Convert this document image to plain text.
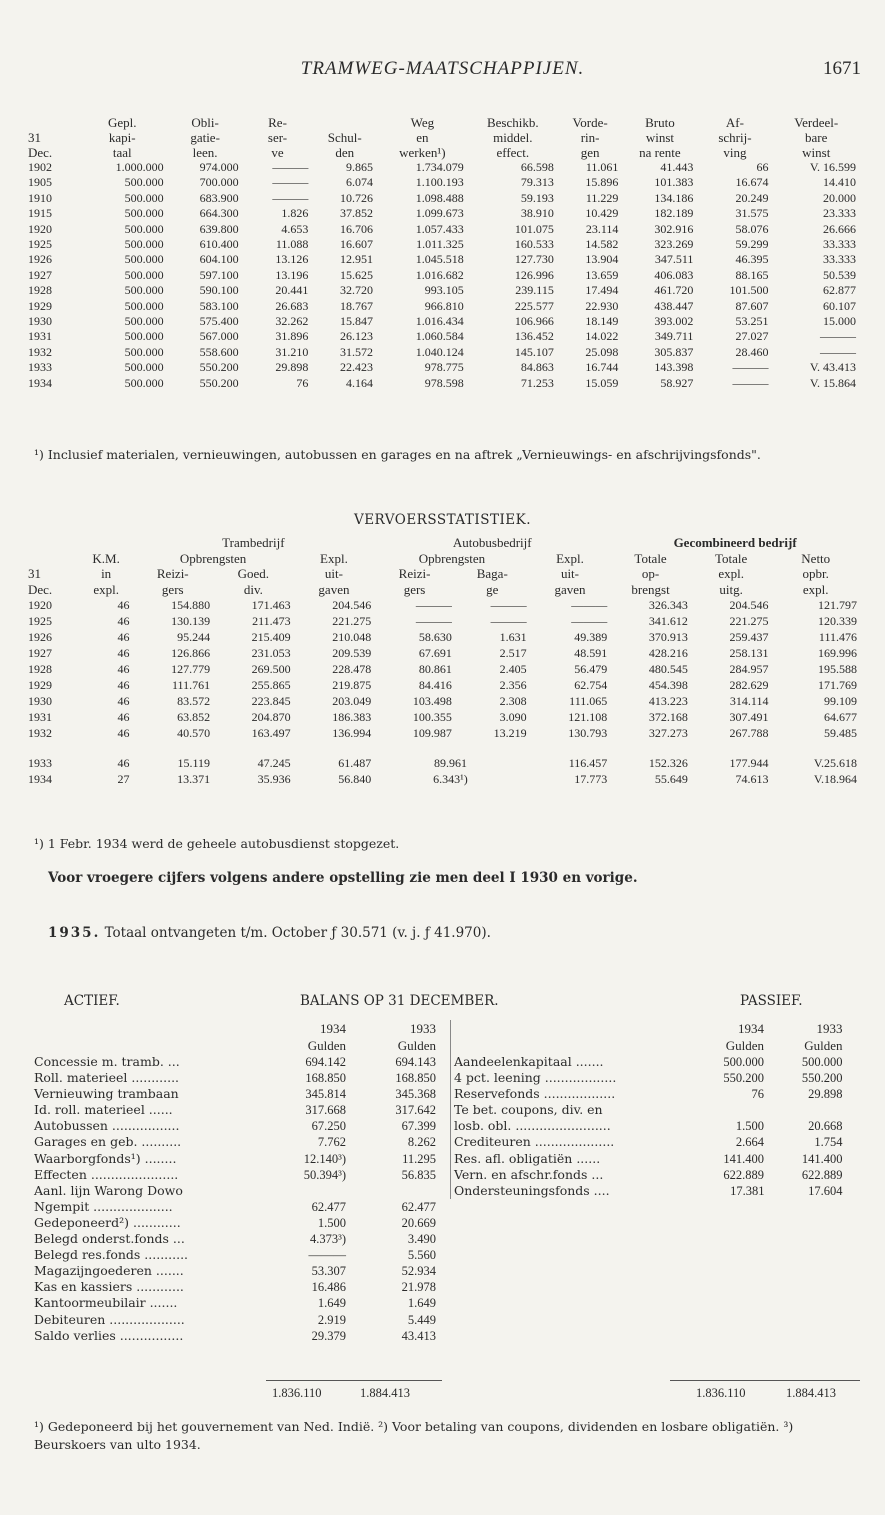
TRAMWEG-MAATSCHAPPIJEN.	1671
	Gepl.	Obli-	Re-		Weg	Beschikb.	Vorde-	Bruto	Af-	Verdeel-
31	kapi-	gatie-	ser-	Schul-	en	middel.	rin-	winst	schrij-	bare
Dec.	taal	leen.	ve	den	werken¹)	effect.	gen	na rente	ving	winst
1902	1.000.000	974.000	———	9.865	1.734.079	66.598	11.061	41.443	66	V. 16.599
1905	500.000	700.000	———	6.074	1.100.193	79.313	15.896	101.383	16.674	14.410
1910	500.000	683.900	———	10.726	1.098.488	59.193	11.229	134.186	20.249	20.000
1915	500.000	664.300	1.826	37.852	1.099.673	38.910	10.429	182.189	31.575	23.333
1920	500.000	639.800	4.653	16.706	1.057.433	101.075	23.114	302.916	58.076	26.666
1925	500.000	610.400	11.088	16.607	1.011.325	160.533	14.582	323.269	59.299	33.333
1926	500.000	604.100	13.126	12.951	1.045.518	127.730	13.904	347.511	46.395	33.333
1927	500.000	597.100	13.196	15.625	1.016.682	126.996	13.659	406.083	88.165	50.539
1928	500.000	590.100	20.441	32.720	993.105	239.115	17.494	461.720	101.500	62.877
1929	500.000	583.100	26.683	18.767	966.810	225.577	22.930	438.447	87.607	60.107
1930	500.000	575.400	32.262	15.847	1.016.434	106.966	18.149	393.002	53.251	15.000
1931	500.000	567.000	31.896	26.123	1.060.584	136.452	14.022	349.711	27.027	———
1932	500.000	558.600	31.210	31.572	1.040.124	145.107	25.098	305.837	28.460	———
1933	500.000	550.200	29.898	22.423	978.775	84.863	16.744	143.398	———	V. 43.413
1934	500.000	550.200	76	4.164	978.598	71.253	15.059	58.927	———	V. 15.864
¹) Inclusief materialen, vernieuwingen, autobussen en garages en na aftrek „Vernieuwings- en afschrijvingsfonds".
VERVOERSSTATISTIEK.
		Trambedrijf			Autobusbedrijf			Gecombineerd bedrijf		
	K.M.	Opbrengsten		Expl.	Opbrengsten		Expl.	Totale	Totale	Netto
31	in	Reizi-	Goed.	uit-	Reizi-	Baga-	uit-	op-	expl.	opbr.
Dec.	expl.	gers	div.	gaven	gers	ge	gaven	brengst	uitg.	expl.
1920	46	154.880	171.463	204.546	———	———	———	326.343	204.546	121.797
1925	46	130.139	211.473	221.275	———	———	———	341.612	221.275	120.339
1926	46	95.244	215.409	210.048	58.630	1.631	49.389	370.913	259.437	111.476
1927	46	126.866	231.053	209.539	67.691	2.517	48.591	428.216	258.131	169.996
1928	46	127.779	269.500	228.478	80.861	2.405	56.479	480.545	284.957	195.588
1929	46	111.761	255.865	219.875	84.416	2.356	62.754	454.398	282.629	171.769
1930	46	83.572	223.845	203.049	103.498	2.308	111.065	413.223	314.114	99.109
1931	46	63.852	204.870	186.383	100.355	3.090	121.108	372.168	307.491	64.677
1932	46	40.570	163.497	136.994	109.987	13.219	130.793	327.273	267.788	59.485

1933	46	15.119	47.245	61.487	89.961		116.457	152.326	177.944	V.25.618
1934	27	13.371	35.936	56.840	6.343¹)		17.773	55.649	74.613	V.18.964
¹) 1 Febr. 1934 werd de geheele autobusdienst stopgezet.
Voor vroegere cijfers volgens andere opstelling zie men deel I 1930 en vorige.
1935. Totaal ontvangeten t/m. October ƒ 30.571 (v. j. ƒ 41.970).
ACTIEF.	BALANS OP 31 DECEMBER.	PASSIEF.
	1934	1933
	Gulden	Gulden
Concessie m. tramb. ...	694.142	694.143
Roll. materieel ............	168.850	168.850
Vernieuwing trambaan	345.814	345.368
Id. roll. materieel ......	317.668	317.642
Autobussen .................	67.250	67.399
Garages en geb. ..........	7.762	8.262
Waarborgfonds¹) ........	12.140³)	11.295
Effecten ......................	50.394³)	56.835
Aanl. lijn Warong Dowo		
Ngempit ....................	62.477	62.477
Gedeponeerd²) ............	1.500	20.669
Belegd onderst.fonds ...	4.373³)	3.490
Belegd res.fonds ...........	———	5.560
Magazijngoederen .......	53.307	52.934
Kas en kassiers ............	16.486	21.978
Kantoormeubilair .......	1.649	1.649
Debiteuren ...................	2.919	5.449
Saldo verlies ................	29.379	43.413
	1934	1933
	Gulden	Gulden
Aandeelenkapitaal .......	500.000	500.000
4 pct. leening ..................	550.200	550.200
Reservefonds ..................	76	29.898
Te bet. coupons, div. en		
losb. obl. ........................	1.500	20.668
Crediteuren ....................	2.664	1.754
Res. afl. obligatiën ......	141.400	141.400
Vern. en afschr.fonds ...	622.889	622.889
Ondersteuningsfonds ....	17.381	17.604
1.836.110	1.884.413	1.836.110	1.884.413
¹) Gedeponeerd bij het gouvernement van Ned. Indië. ²) Voor betaling van coupons, dividenden en losbare obligatiën. ³) Beurskoers van ulto 1934.
